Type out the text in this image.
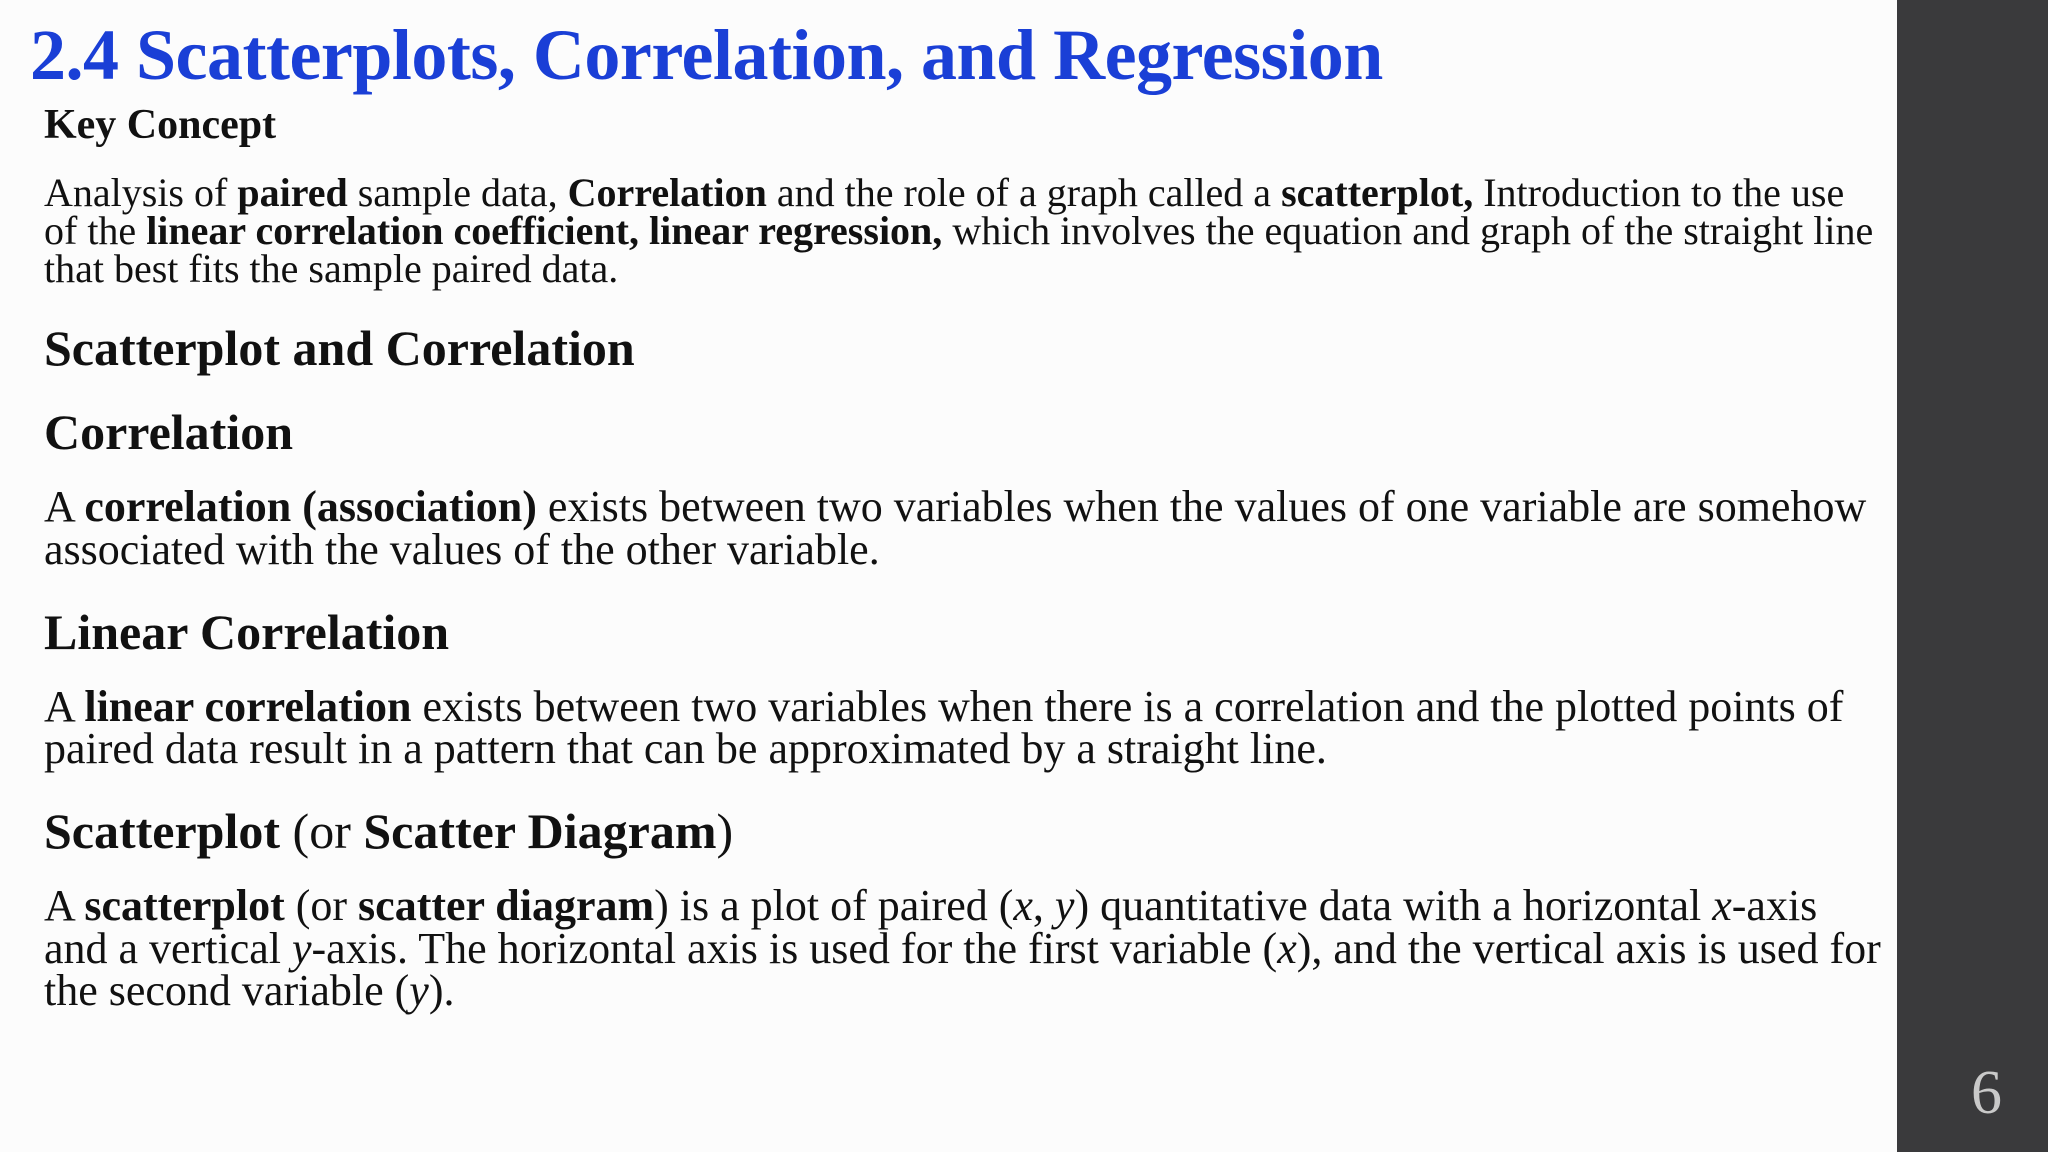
2.4 Scatterplots, Correlation, and Regression
Key Concept

Analysis of paired sample data, Correlation and the role of a graph called a scatterplot, Introduction to the use of the linear correlation coefficient, linear regression, which involves the equation and graph of the straight line that best fits the sample paired data.

Scatterplot and Correlation
Correlation

A correlation (association) exists between two variables when the values of one variable are somehow associated with the values of the other variable.

Linear Correlation

A linear correlation exists between two variables when there is a correlation and the plotted points of paired data result in a pattern that can be approximated by a straight line.

Scatterplot (or Scatter Diagram)

A scatterplot (or scatter diagram) is a plot of paired (x, y) quantitative data with a horizontal x-axis and a vertical y-axis. The horizontal axis is used for the first variable (x), and the vertical axis is used for the second variable (y).

6
